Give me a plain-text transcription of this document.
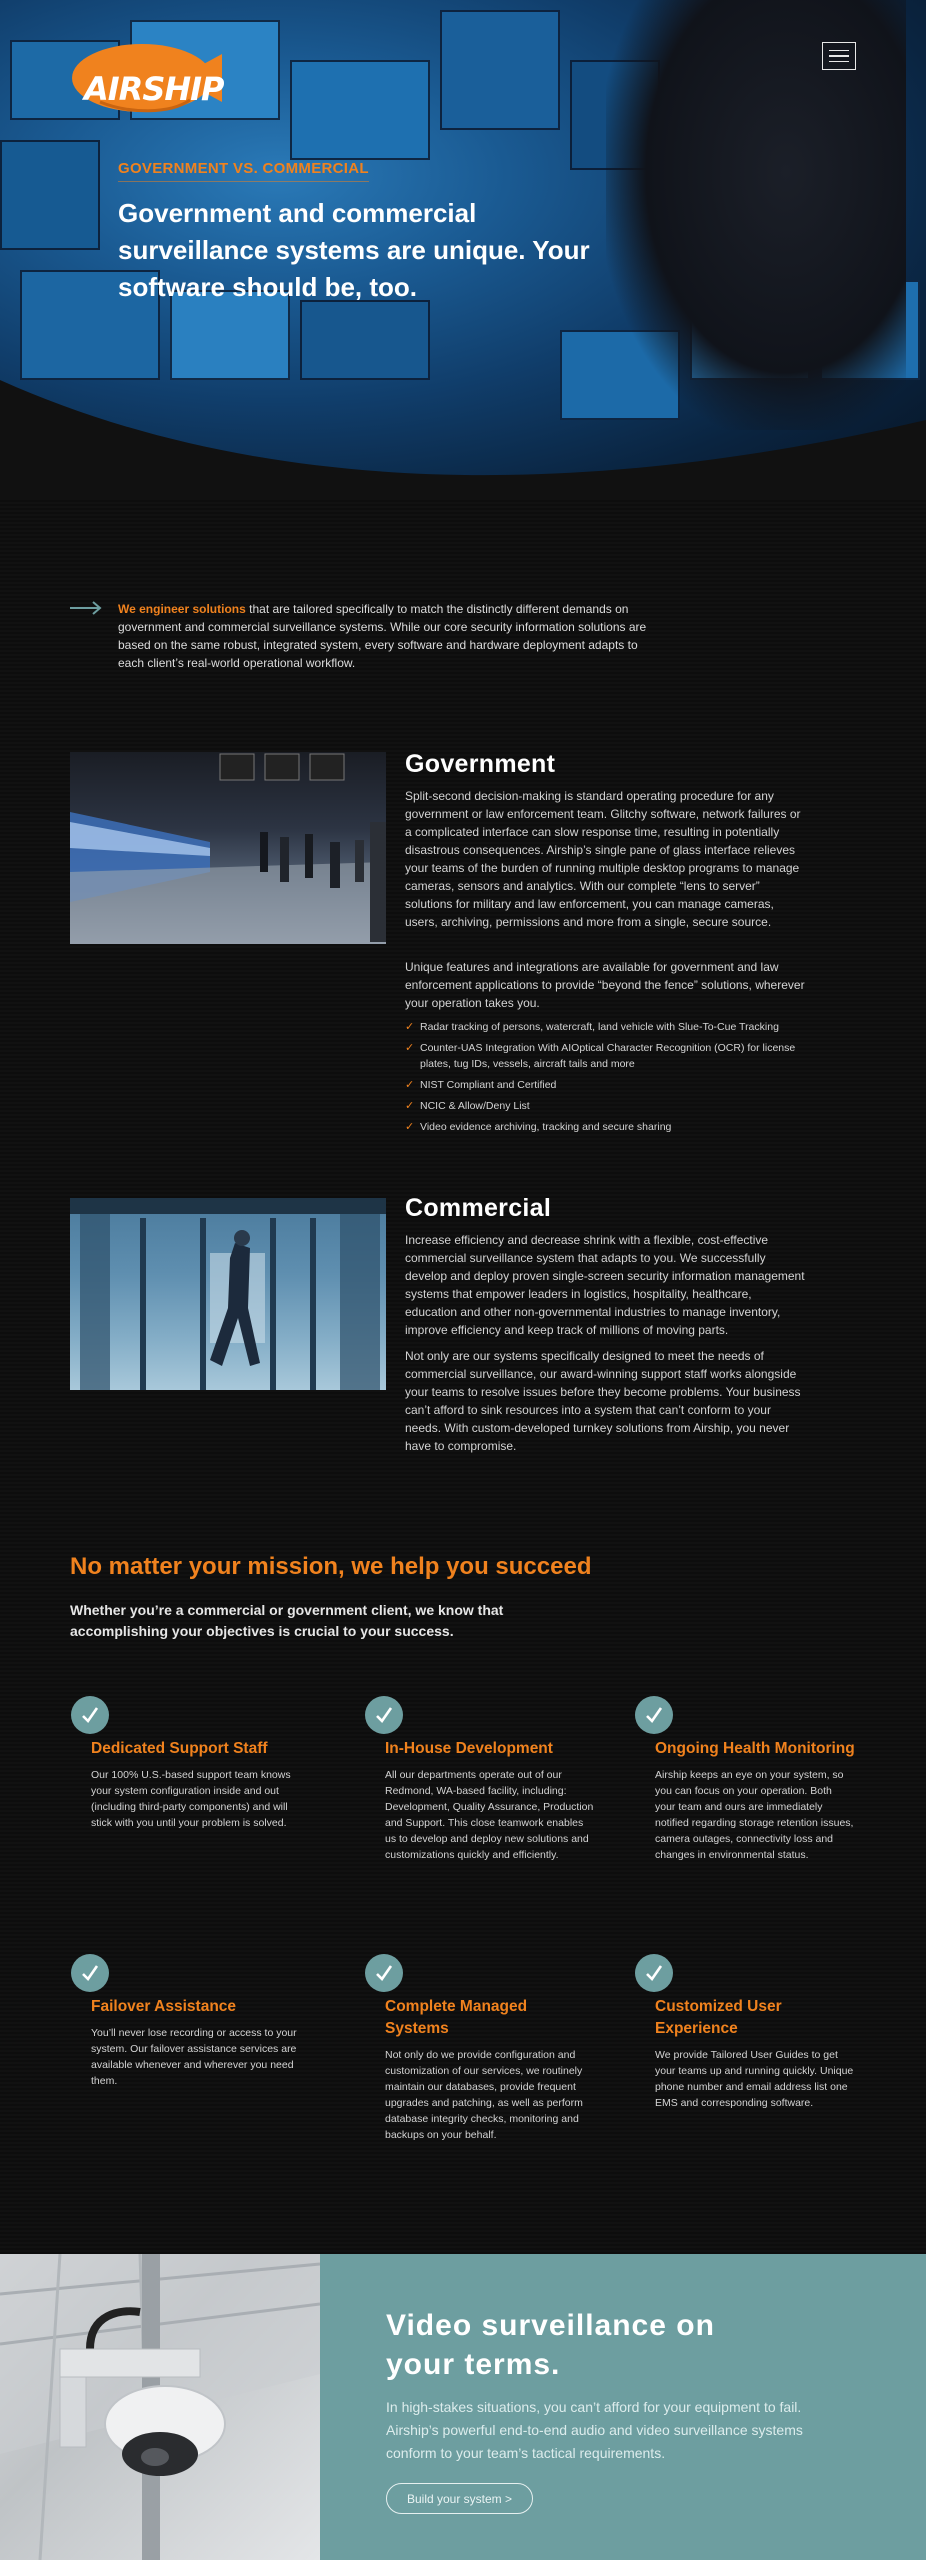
AIRSHIP
GOVERNMENT VS. COMMERCIAL
Government and commercial surveillance systems are unique. Your software should be, too.

We engineer solutions that are tailored specifically to match the distinctly different demands on government and commercial surveillance systems. While our core security information solutions are based on the same robust, integrated system, every software and hardware deployment adapts to each client’s real-world operational workflow.

Government

Split-second decision-making is standard operating procedure for any government or law enforcement team. Glitchy software, network failures or a complicated interface can slow response time, resulting in potentially disastrous consequences. Airship’s single pane of glass interface relieves your teams of the burden of running multiple desktop programs to manage cameras, sensors and analytics. With our complete “lens to server” solutions for military and law enforcement, you can manage cameras, users, archiving, permissions and more from a single, secure source.

Unique features and integrations are available for government and law enforcement applications to provide “beyond the fence” solutions, wherever your operation takes you.

✓ Radar tracking of persons, watercraft, land vehicle with Slue-To-Cue Tracking
✓ Counter-UAS Integration With AIOptical Character Recognition (OCR) for license plates, tug IDs, vessels, aircraft tails and more
✓ NIST Compliant and Certified
✓ NCIC & Allow/Deny List
✓ Video evidence archiving, tracking and secure sharing
Commercial

Increase efficiency and decrease shrink with a flexible, cost-effective commercial surveillance system that adapts to you. We successfully develop and deploy proven single-screen security information management systems that empower leaders in logistics, hospitality, healthcare, education and other non-governmental industries to manage inventory, improve efficiency and keep track of millions of moving parts.

Not only are our systems specifically designed to meet the needs of commercial surveillance, our award-winning support staff works alongside your teams to resolve issues before they become problems. Your business can’t afford to sink resources into a system that can’t conform to your needs. With custom-developed turnkey solutions from Airship, you never have to compromise.

No matter your mission, we help you succeed

Whether you’re a commercial or government client, we know that accomplishing your objectives is crucial to your success.

Dedicated Support Staff
Our 100% U.S.-based support team knows your system configuration inside and out (including third-party components) and will stick with you until your problem is solved.
In-House Development
All our departments operate out of our Redmond, WA-based facility, including: Development, Quality Assurance, Production and Support. This close teamwork enables us to develop and deploy new solutions and customizations quickly and efficiently.
Ongoing Health Monitoring
Airship keeps an eye on your system, so you can focus on your operation. Both your team and ours are immediately notified regarding storage retention issues, camera outages, connectivity loss and changes in environmental status.
Failover Assistance
You’ll never lose recording or access to your system. Our failover assistance services are available whenever and wherever you need them.
Complete Managed Systems
Not only do we provide configuration and customization of our services, we routinely maintain our databases, provide frequent upgrades and patching, as well as perform database integrity checks, monitoring and backups on your behalf.
Customized User Experience
We provide Tailored User Guides to get your teams up and running quickly. Unique phone number and email address list one EMS and corresponding software.
Video surveillance on your terms.

In high-stakes situations, you can’t afford for your equipment to fail. Airship’s powerful end-to-end audio and video surveillance systems conform to your team’s tactical requirements.

Build your system >
